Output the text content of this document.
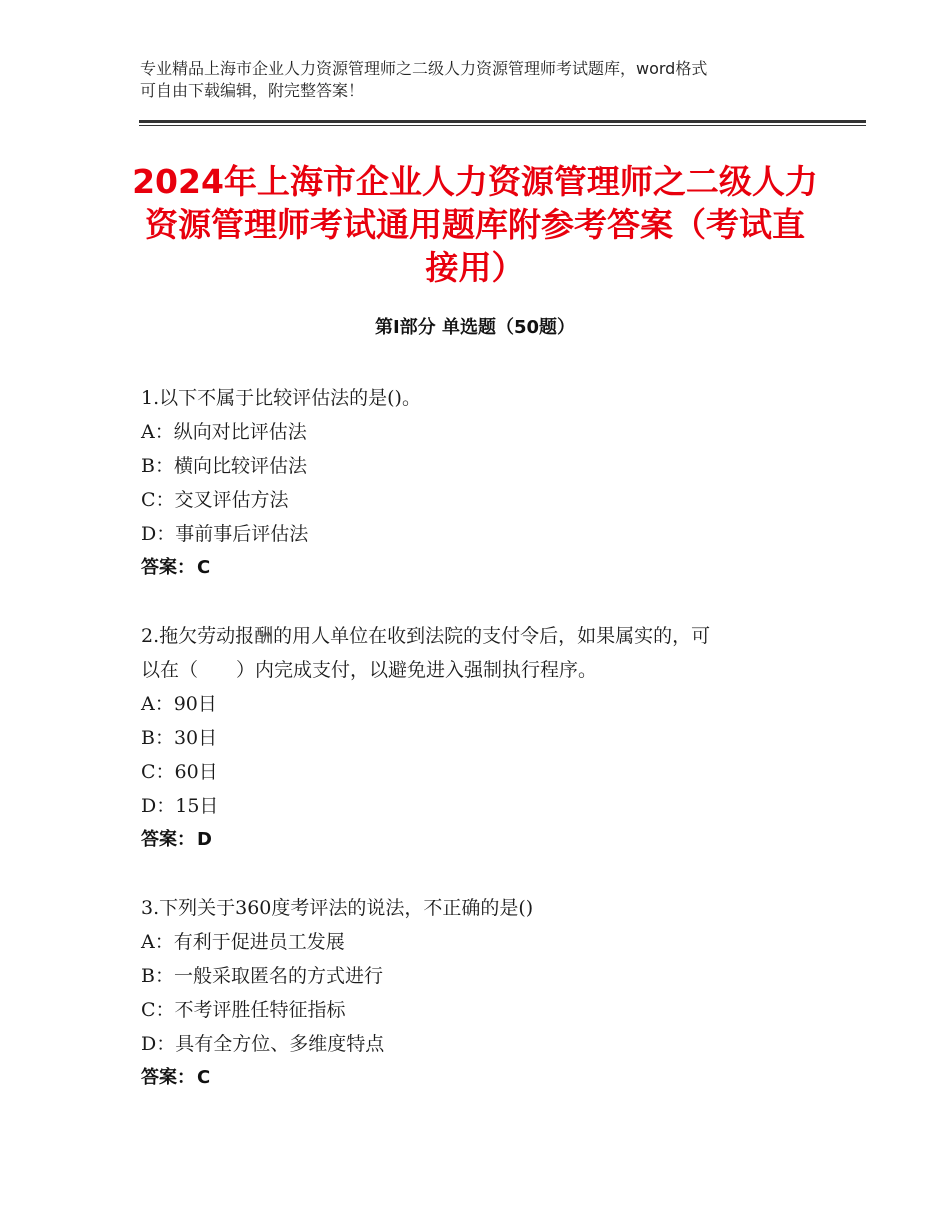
专业精品上海市企业人力资源管理师之二级人力资源管理师考试题库，word格式
可自由下载编辑，附完整答案！
2024年上海市企业人力资源管理师之二级人力资源管理师考试通用题库附参考答案（考试直接用）
第Ⅰ部分 单选题（50题）

1.以下不属于比较评估法的是()。

A：纵向对比评估法

B：横向比较评估法

C：交叉评估方法

D：事前事后评估法

答案： C

2.拖欠劳动报酬的用人单位在收到法院的支付令后，如果属实的，可

以在（　　）内完成支付，以避免进入强制执行程序。

A：90日

B：30日

C：60日

D：15日

答案： D

3.下列关于360度考评法的说法，不正确的是()

A：有利于促进员工发展

B：一般采取匿名的方式进行

C：不考评胜任特征指标

D：具有全方位、多维度特点

答案： C
